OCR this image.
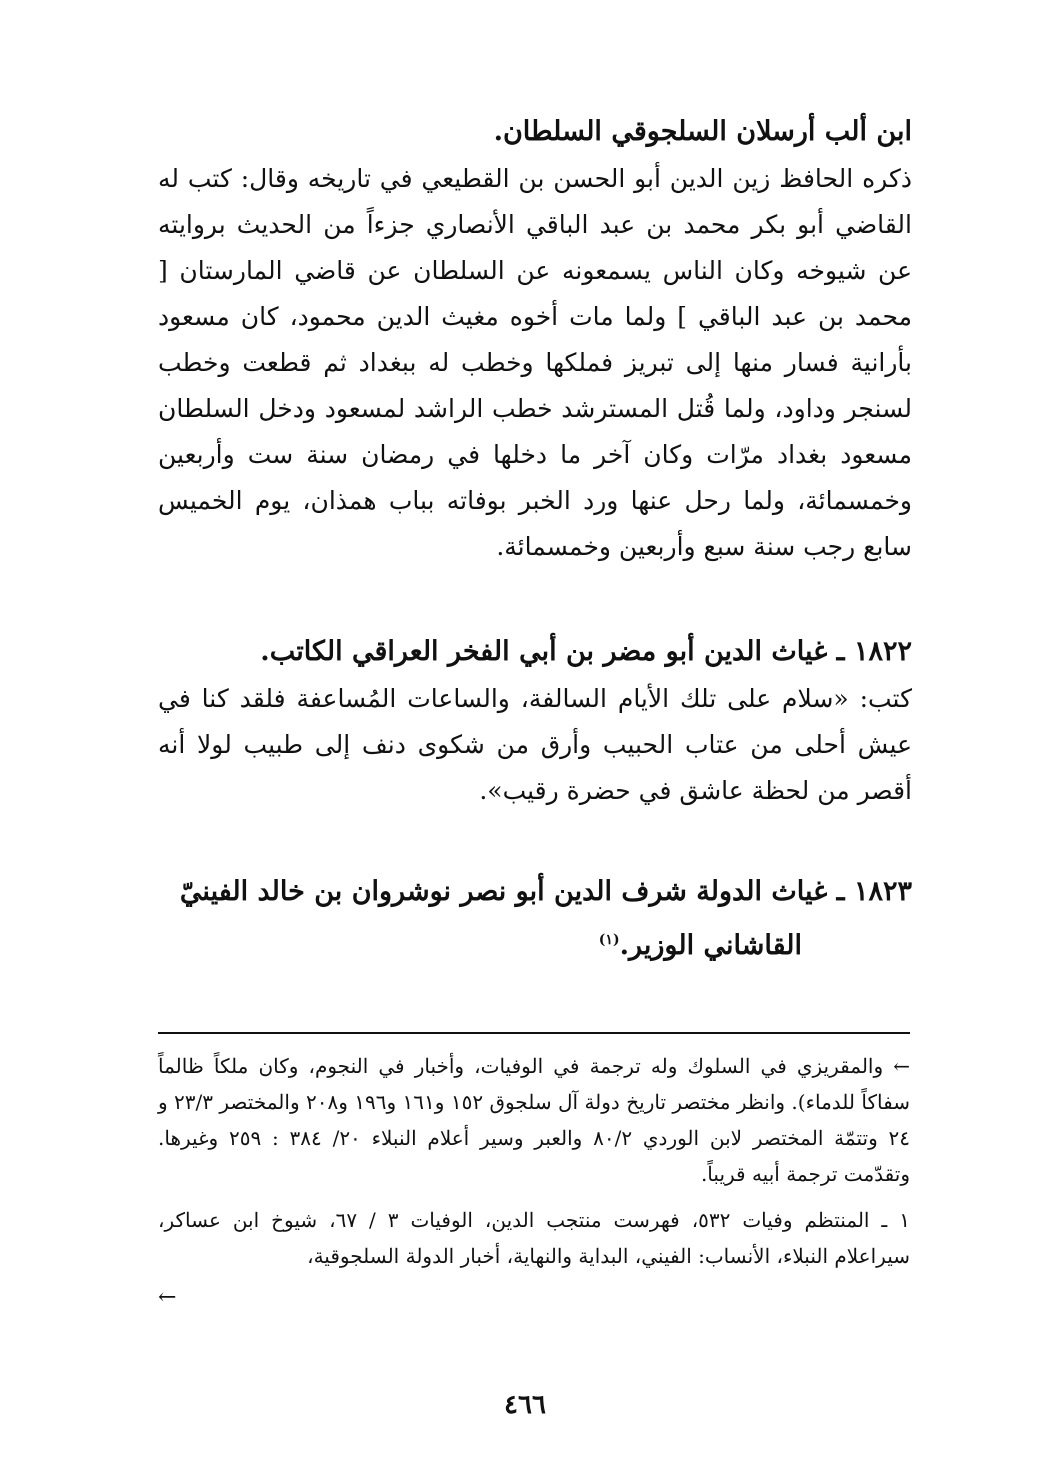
ابن ألب أرسلان السلجوقي السلطان.

ذكره الحافظ زين الدين أبو الحسن بن القطيعي في تاريخه وقال: كتب له القاضي أبو بكر محمد بن عبد الباقي الأنصاري جزءاً من الحديث بروايته عن شيوخه وكان الناس يسمعونه عن السلطان عن قاضي المارستان [ محمد بن عبد الباقي ] ولما مات أخوه مغيث الدين محمود، كان مسعود بأرانية فسار منها إلى تبريز فملكها وخطب له ببغداد ثم قطعت وخطب لسنجر وداود، ولما قُتل المسترشد خطب الراشد لمسعود ودخل السلطان مسعود بغداد مرّات وكان آخر ما دخلها في رمضان سنة ست وأربعين وخمسمائة، ولما رحل عنها ورد الخبر بوفاته بباب همذان، يوم الخميس سابع رجب سنة سبع وأربعين وخمسمائة.

١٨٢٢ ـ غياث الدين أبو مضر بن أبي الفخر العراقي الكاتب.

كتب: «سلام على تلك الأيام السالفة، والساعات المُساعفة فلقد كنا في عيش أحلى من عتاب الحبيب وأرق من شكوى دنف إلى طبيب لولا أنه أقصر من لحظة عاشق في حضرة رقيب».

١٨٢٣ ـ غياث الدولة شرف الدين أبو نصر نوشروان بن خالد الفينيّ
القاشاني الوزير.$^{(١)}$

← والمقريزي في السلوك وله ترجمة في الوفيات، وأخبار في النجوم، وكان ملكاً ظالماً سفاكاً للدماء). وانظر مختصر تاريخ دولة آل سلجوق ١٥٢ و١٦١ و١٩٦ و٢٠٨ والمختصر ٢٣/٣ و ٢٤ وتتمّة المختصر لابن الوردي ٨٠/٢ والعبر وسير أعلام النبلاء ٢٠/ ٣٨٤ : ٢٥٩ وغيرها. وتقدّمت ترجمة أبيه قريباً.

١ ـ المنتظم وفيات ٥٣٢، فهرست منتجب الدين، الوفيات ٣ / ٦٧، شيوخ ابن عساكر، سيراعلام النبلاء، الأنساب: الفيني، البداية والنهاية، أخبار الدولة السلجوقية،

←

٤٦٦
